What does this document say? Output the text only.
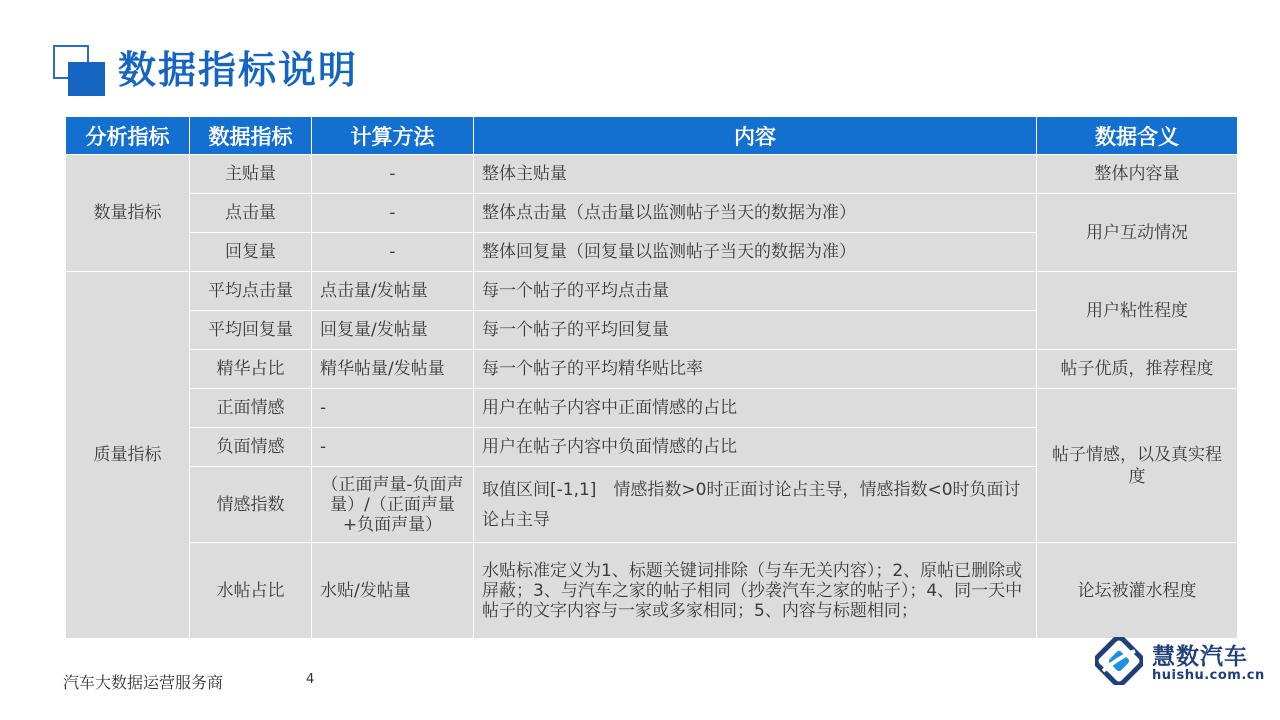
数据指标说明
分析指标	数据指标	计算方法	内容	数据含义
数量指标	主贴量	-	整体主贴量	整体内容量
	点击量	-	整体点击量（点击量以监测帖子当天的数据为准）	用户互动情况
	回复量	-	整体回复量（回复量以监测帖子当天的数据为准）	
质量指标	平均点击量	点击量/发帖量	每一个帖子的平均点击量	用户粘性程度
	平均回复量	回复量/发帖量	每一个帖子的平均回复量	
	精华占比	精华帖量/发帖量	每一个帖子的平均精华贴比率	帖子优质，推荐程度
	正面情感	-	用户在帖子内容中正面情感的占比	帖子情感，以及真实程度
	负面情感	-	用户在帖子内容中负面情感的占比	
	情感指数	（正面声量-负面声量）/（正面声量+负面声量）	取值区间[-1,1]　情感指数>0时正面讨论占主导，情感指数<0时负面讨论占主导	
	水帖占比	水贴/发帖量	水贴标准定义为1、标题关键词排除（与车无关内容）；2、原帖已删除或屏蔽；3、与汽车之家的帖子相同（抄袭汽车之家的帖子）；4、同一天中帖子的文字内容与一家或多家相同；5、内容与标题相同；	论坛被灌水程度
汽车大数据运营服务商	4
慧数汽车
huishu.com.cn
